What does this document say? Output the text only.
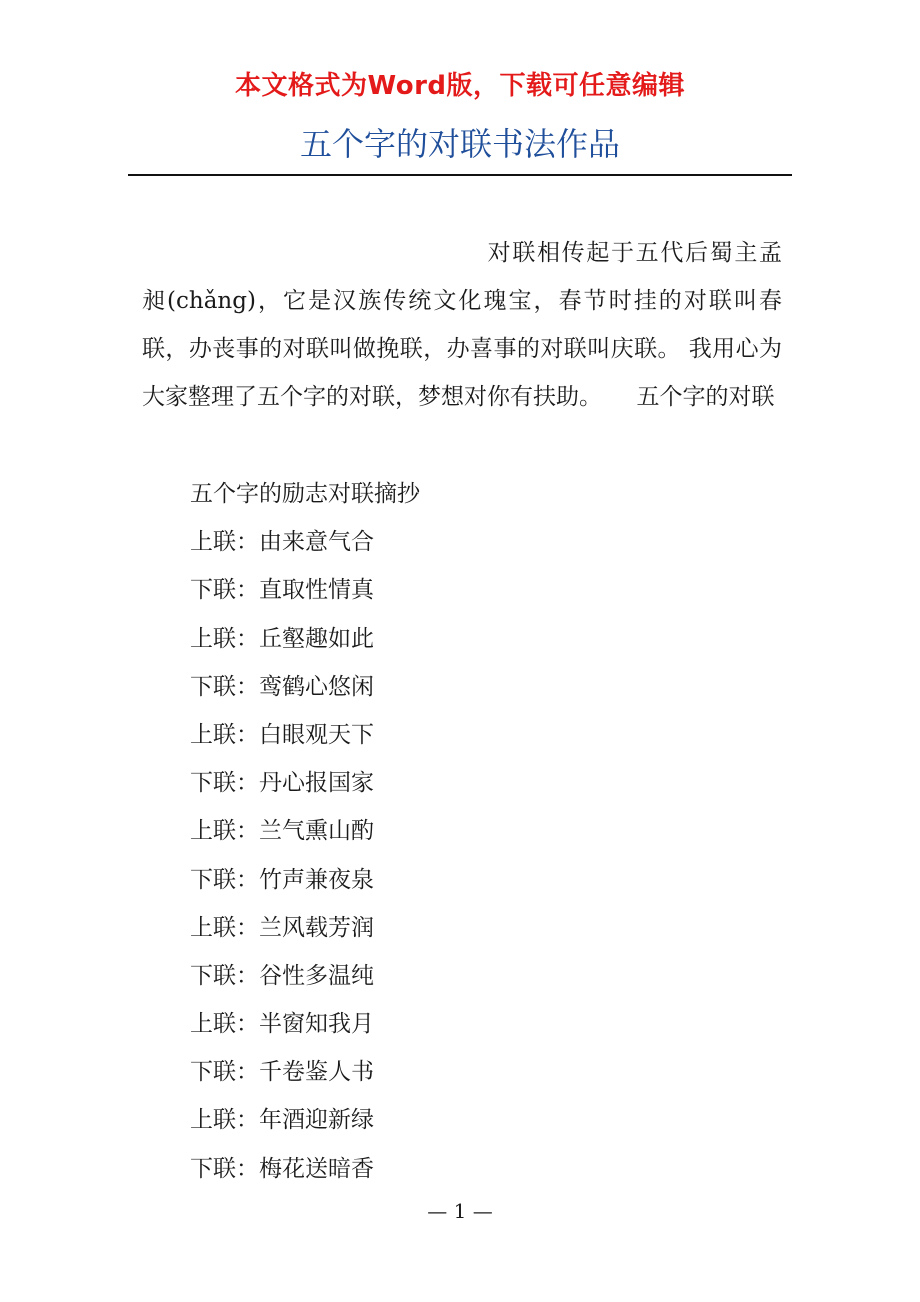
本文格式为Word版，下载可任意编辑
五个字的对联书法作品
对联相传起于五代后蜀主孟昶(chǎng)，它是汉族传统文化瑰宝，春节时挂的对联叫春联，办丧事的对联叫做挽联，办喜事的对联叫庆联。 我用心为大家整理了五个字的对联，梦想对你有扶助。　　五个字的对联
五个字的励志对联摘抄
上联：由来意气合
下联：直取性情真
上联：丘壑趣如此
下联：鸾鹤心悠闲
上联：白眼观天下
下联：丹心报国家
上联：兰气熏山酌
下联：竹声兼夜泉
上联：兰风载芳润
下联：谷性多温纯
上联：半窗知我月
下联：千卷鉴人书
上联：年酒迎新绿
下联：梅花送暗香
— 1 —
